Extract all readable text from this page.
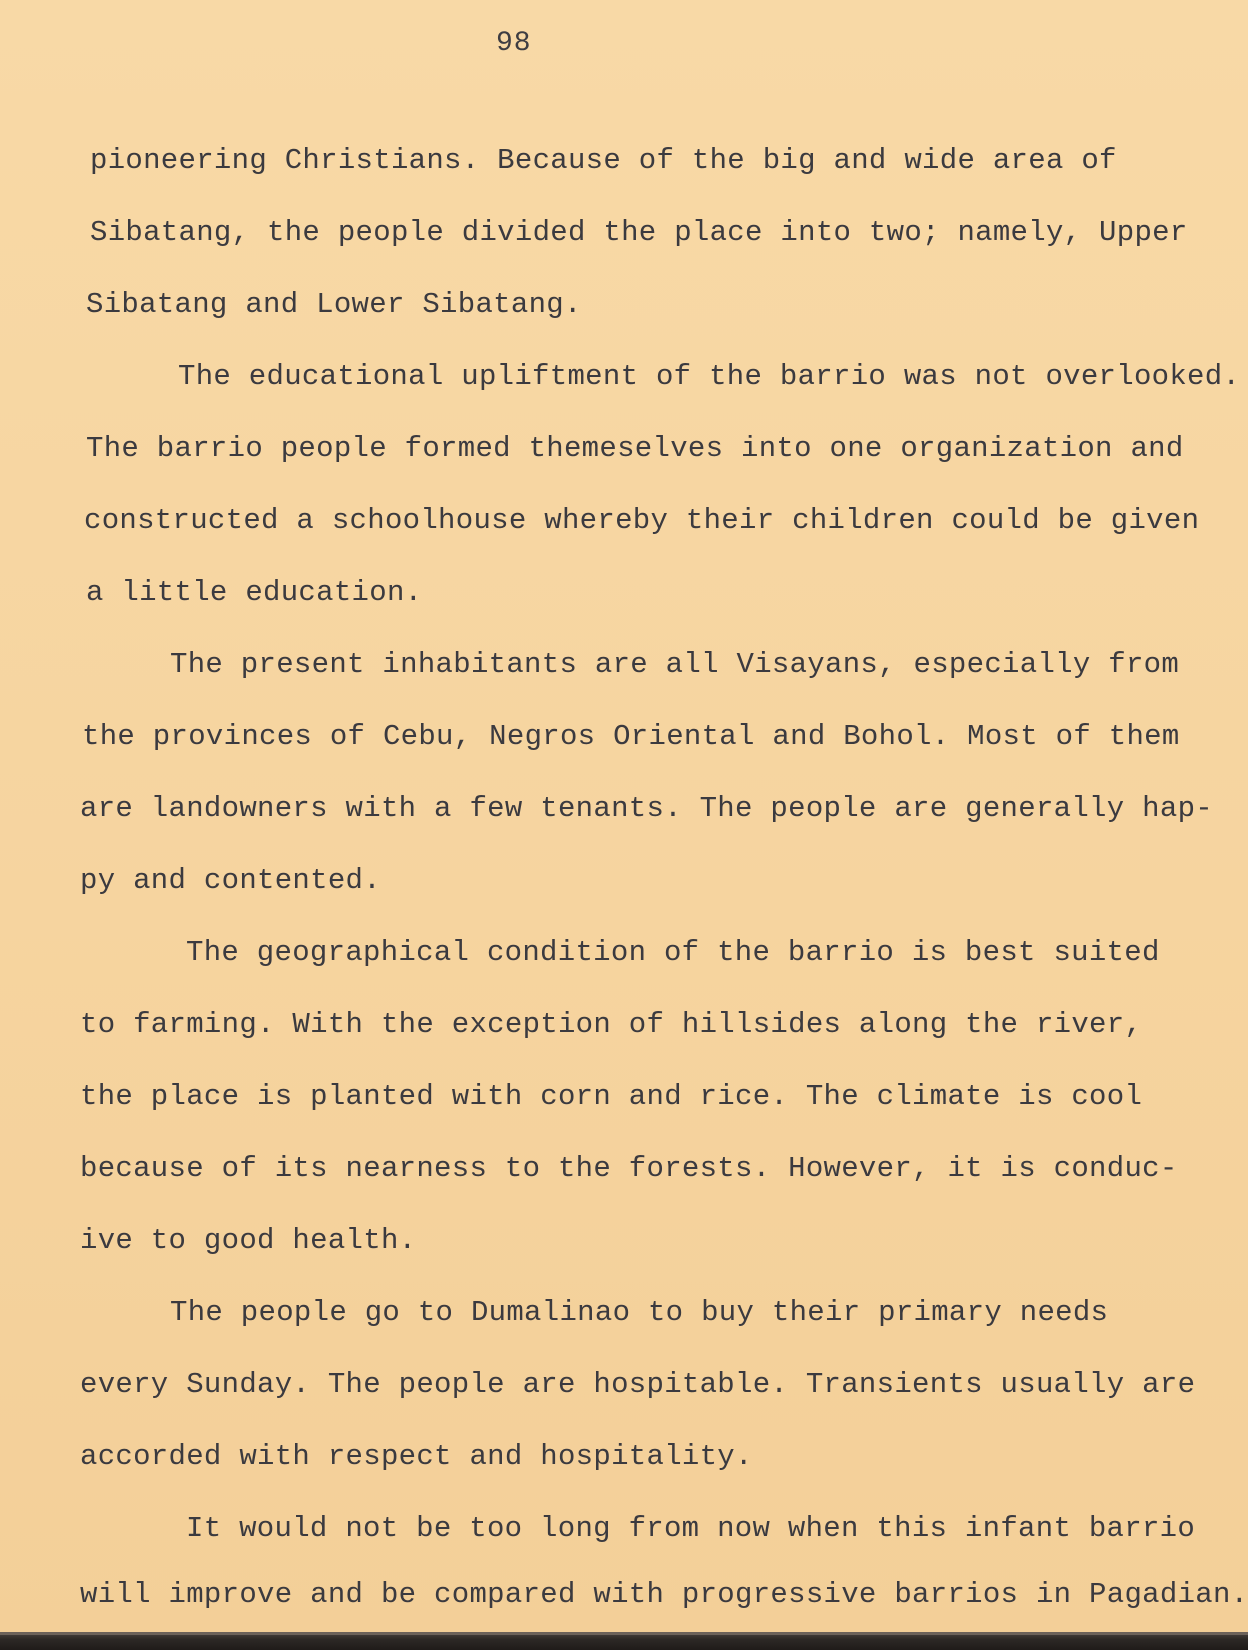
98
pioneering Christians. Because of the big and wide area of
Sibatang, the people divided the place into two; namely, Upper
Sibatang and Lower Sibatang.
The educational upliftment of the barrio was not overlooked.
The barrio people formed themeselves into one organization and
constructed a schoolhouse whereby their children could be given
a little education.
The present inhabitants are all Visayans, especially from
the provinces of Cebu, Negros Oriental and Bohol. Most of them
are landowners with a few tenants. The people are generally hap-
py and contented.
The geographical condition of the barrio is best suited
to farming. With the exception of hillsides along the river,
the place is planted with corn and rice. The climate is cool
because of its nearness to the forests. However, it is conduc-
ive to good health.
The people go to Dumalinao to buy their primary needs
every Sunday. The people are hospitable. Transients usually are
accorded with respect and hospitality.
It would not be too long from now when this infant barrio
will improve and be compared with progressive barrios in Pagadian.
